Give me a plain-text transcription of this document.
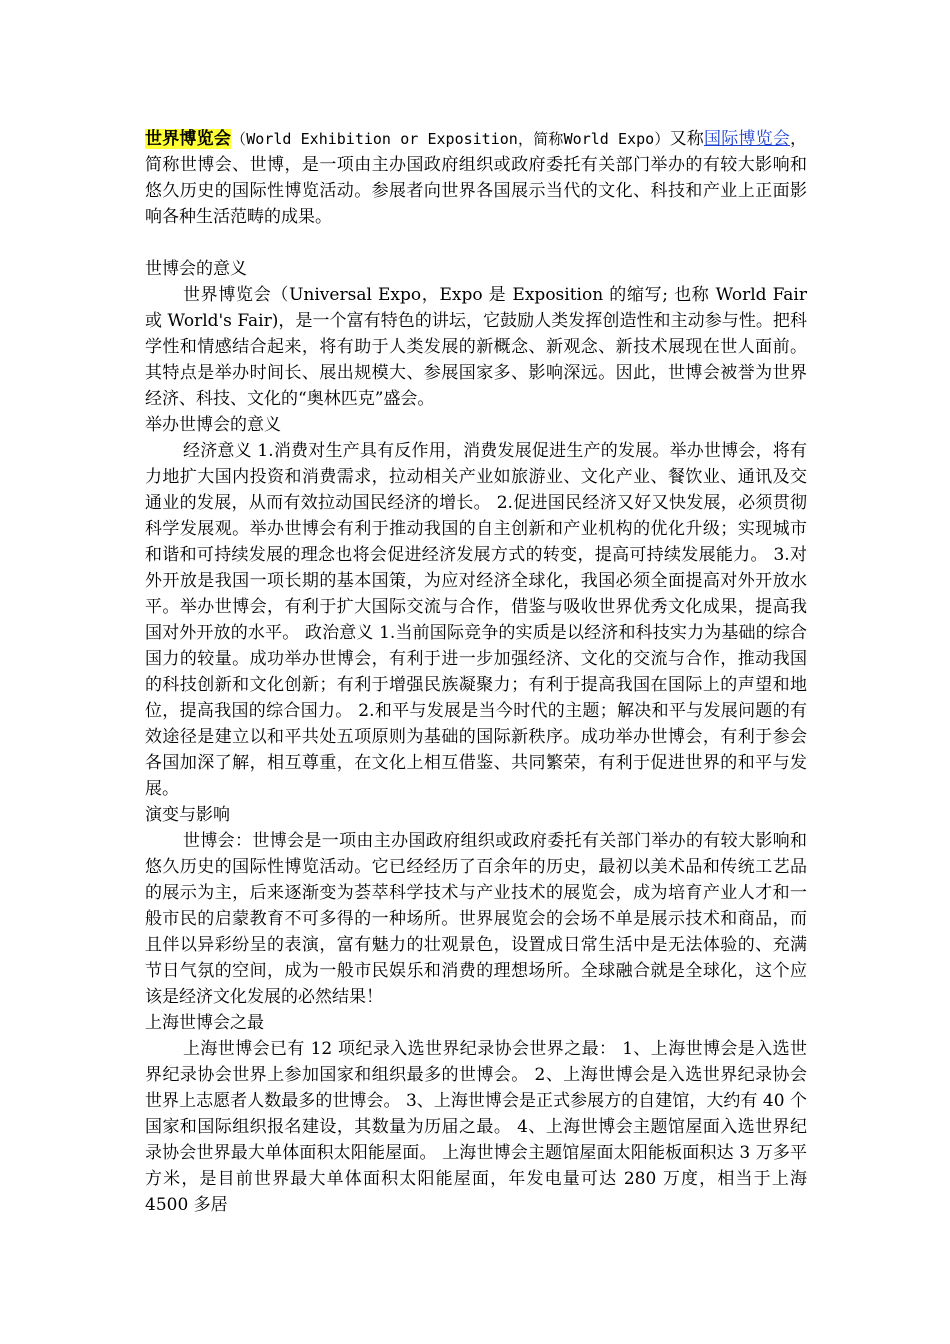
世界博览会（World Exhibition or Exposition，简称World Expo）又称国际博览会，简称世博会、世博，是一项由主办国政府组织或政府委托有关部门举办的有较大影响和悠久历史的国际性博览活动。参展者向世界各国展示当代的文化、科技和产业上正面影响各种生活范畴的成果。

世博会的意义

世界博览会（Universal Expo，Expo 是 Exposition 的缩写; 也称 World Fair 或 World's Fair)，是一个富有特色的讲坛，它鼓励人类发挥创造性和主动参与性。把科学性和情感结合起来，将有助于人类发展的新概念、新观念、新技术展现在世人面前。其特点是举办时间长、展出规模大、参展国家多、影响深远。因此，世博会被誉为世界经济、科技、文化的“奥林匹克”盛会。

举办世博会的意义

经济意义 1.消费对生产具有反作用，消费发展促进生产的发展。举办世博会，将有力地扩大国内投资和消费需求，拉动相关产业如旅游业、文化产业、餐饮业、通讯及交通业的发展，从而有效拉动国民经济的增长。 2.促进国民经济又好又快发展，必须贯彻科学发展观。举办世博会有利于推动我国的自主创新和产业机构的优化升级；实现城市和谐和可持续发展的理念也将会促进经济发展方式的转变，提高可持续发展能力。 3.对外开放是我国一项长期的基本国策，为应对经济全球化，我国必须全面提高对外开放水平。举办世博会，有利于扩大国际交流与合作，借鉴与吸收世界优秀文化成果，提高我国对外开放的水平。 政治意义 1.当前国际竞争的实质是以经济和科技实力为基础的综合国力的较量。成功举办世博会，有利于进一步加强经济、文化的交流与合作，推动我国的科技创新和文化创新；有利于增强民族凝聚力；有利于提高我国在国际上的声望和地位，提高我国的综合国力。 2.和平与发展是当今时代的主题；解决和平与发展问题的有效途径是建立以和平共处五项原则为基础的国际新秩序。成功举办世博会，有利于参会各国加深了解，相互尊重，在文化上相互借鉴、共同繁荣，有利于促进世界的和平与发展。

演变与影响

世博会：世博会是一项由主办国政府组织或政府委托有关部门举办的有较大影响和悠久历史的国际性博览活动。它已经经历了百余年的历史，最初以美术品和传统工艺品的展示为主，后来逐渐变为荟萃科学技术与产业技术的展览会，成为培育产业人才和一般市民的启蒙教育不可多得的一种场所。世界展览会的会场不单是展示技术和商品，而且伴以异彩纷呈的表演，富有魅力的壮观景色，设置成日常生活中是无法体验的、充满节日气氛的空间，成为一般市民娱乐和消费的理想场所。全球融合就是全球化，这个应该是经济文化发展的必然结果！

上海世博会之最

上海世博会已有 12 项纪录入选世界纪录协会世界之最： 1、上海世博会是入选世界纪录协会世界上参加国家和组织最多的世博会。 2、上海世博会是入选世界纪录协会世界上志愿者人数最多的世博会。 3、上海世博会是正式参展方的自建馆，大约有 40 个国家和国际组织报名建设，其数量为历届之最。 4、上海世博会主题馆屋面入选世界纪录协会世界最大单体面积太阳能屋面。 上海世博会主题馆屋面太阳能板面积达 3 万多平方米，是目前世界最大单体面积太阳能屋面，年发电量可达 280 万度，相当于上海 4500 多居
